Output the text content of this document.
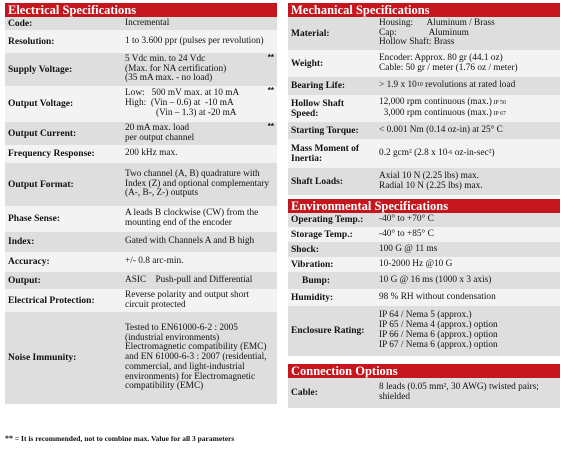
Electrical Specifications
Code:	Incremental
Resolution:	1 to 3.600 ppr (pulses per revolution)
Supply Voltage:	5 Vdc min. to 24 Vdc
(Max. for NA certification)
(35 mA max. - no load)
**

Output Voltage:	Low:   500 mV max. at 10 mA
High:  (Vin – 0.6) at  -10 mA
(Vin – 1.3) at -20 mA
**

Output Current:	20 mA max. load
per output channel
**

Frequency Response:	200 kHz max.
Output Format:	Two channel (A, B) quadrature with Index (Z) and optional complementary (A-, B-, Z-) outputs
Phase Sense:	A leads B clockwise (CW) from the mounting end of the encoder
Index:	Gated with Channels A and B high
Accuracy:	+/- 0.8 arc-min.
Output:	ASIC    Push-pull and Differential
Electrical Protection:	Reverse polarity and output short circuit protected
Noise Immunity:	Tested to EN61000-6-2 : 2005 (industrial environments) Electromagnetic compatibility (EMC) and EN 61000-6-3 : 2007 (residential, commercial, and light-industrial environments) for Electromagnetic compatibility (EMC)
** = It is recommended, not to combine max. Value for all 3 parameters
Mechanical Specifications
Material:	Housing:      Aluminum / Brass
Cap:              Aluminum
Hollow Shaft: Brass

Weight:	Encoder: Approx. 80 gr (44.1 oz)
Cable: 50 gr / meter (1.76 oz / meter)

Bearing Life:	> 1.9 x $10^{10}$ revolutions at rated load
Hollow Shaft Speed:	12,000 rpm continuous (max.) IP 50
3,000 rpm continuous (max.) IP 67

Starting Torque:	< 0.001 Nm (0.14 oz-in) at 25° C
Mass Moment of Inertia:	0.2 gcm² (2.8 x $10^{-6}$ oz-in-sec²)
Shaft Loads:	Axial 10 N (2.25 lbs) max.
Radial 10 N (2.25 lbs) max.
Environmental Specifications
Operating Temp.:	-40° to +70° C
Storage Temp.:	-40° to +85° C
Shock:	100 G @ 11 ms
Vibration:	10-2000 Hz @10 G
Bump:	10 G @ 16 ms (1000 x 3 axis)
Humidity:	98 % RH without condensation
Enclosure Rating:	IP 64 / Nema 5 (approx.)
IP 65 / Nema 4 (approx.) option
IP 66 / Nema 6 (approx.) option
IP 67 / Nema 6 (approx.) option
Connection Options
Cable:	8 leads (0.05 mm², 30 AWG) twisted pairs; shielded
